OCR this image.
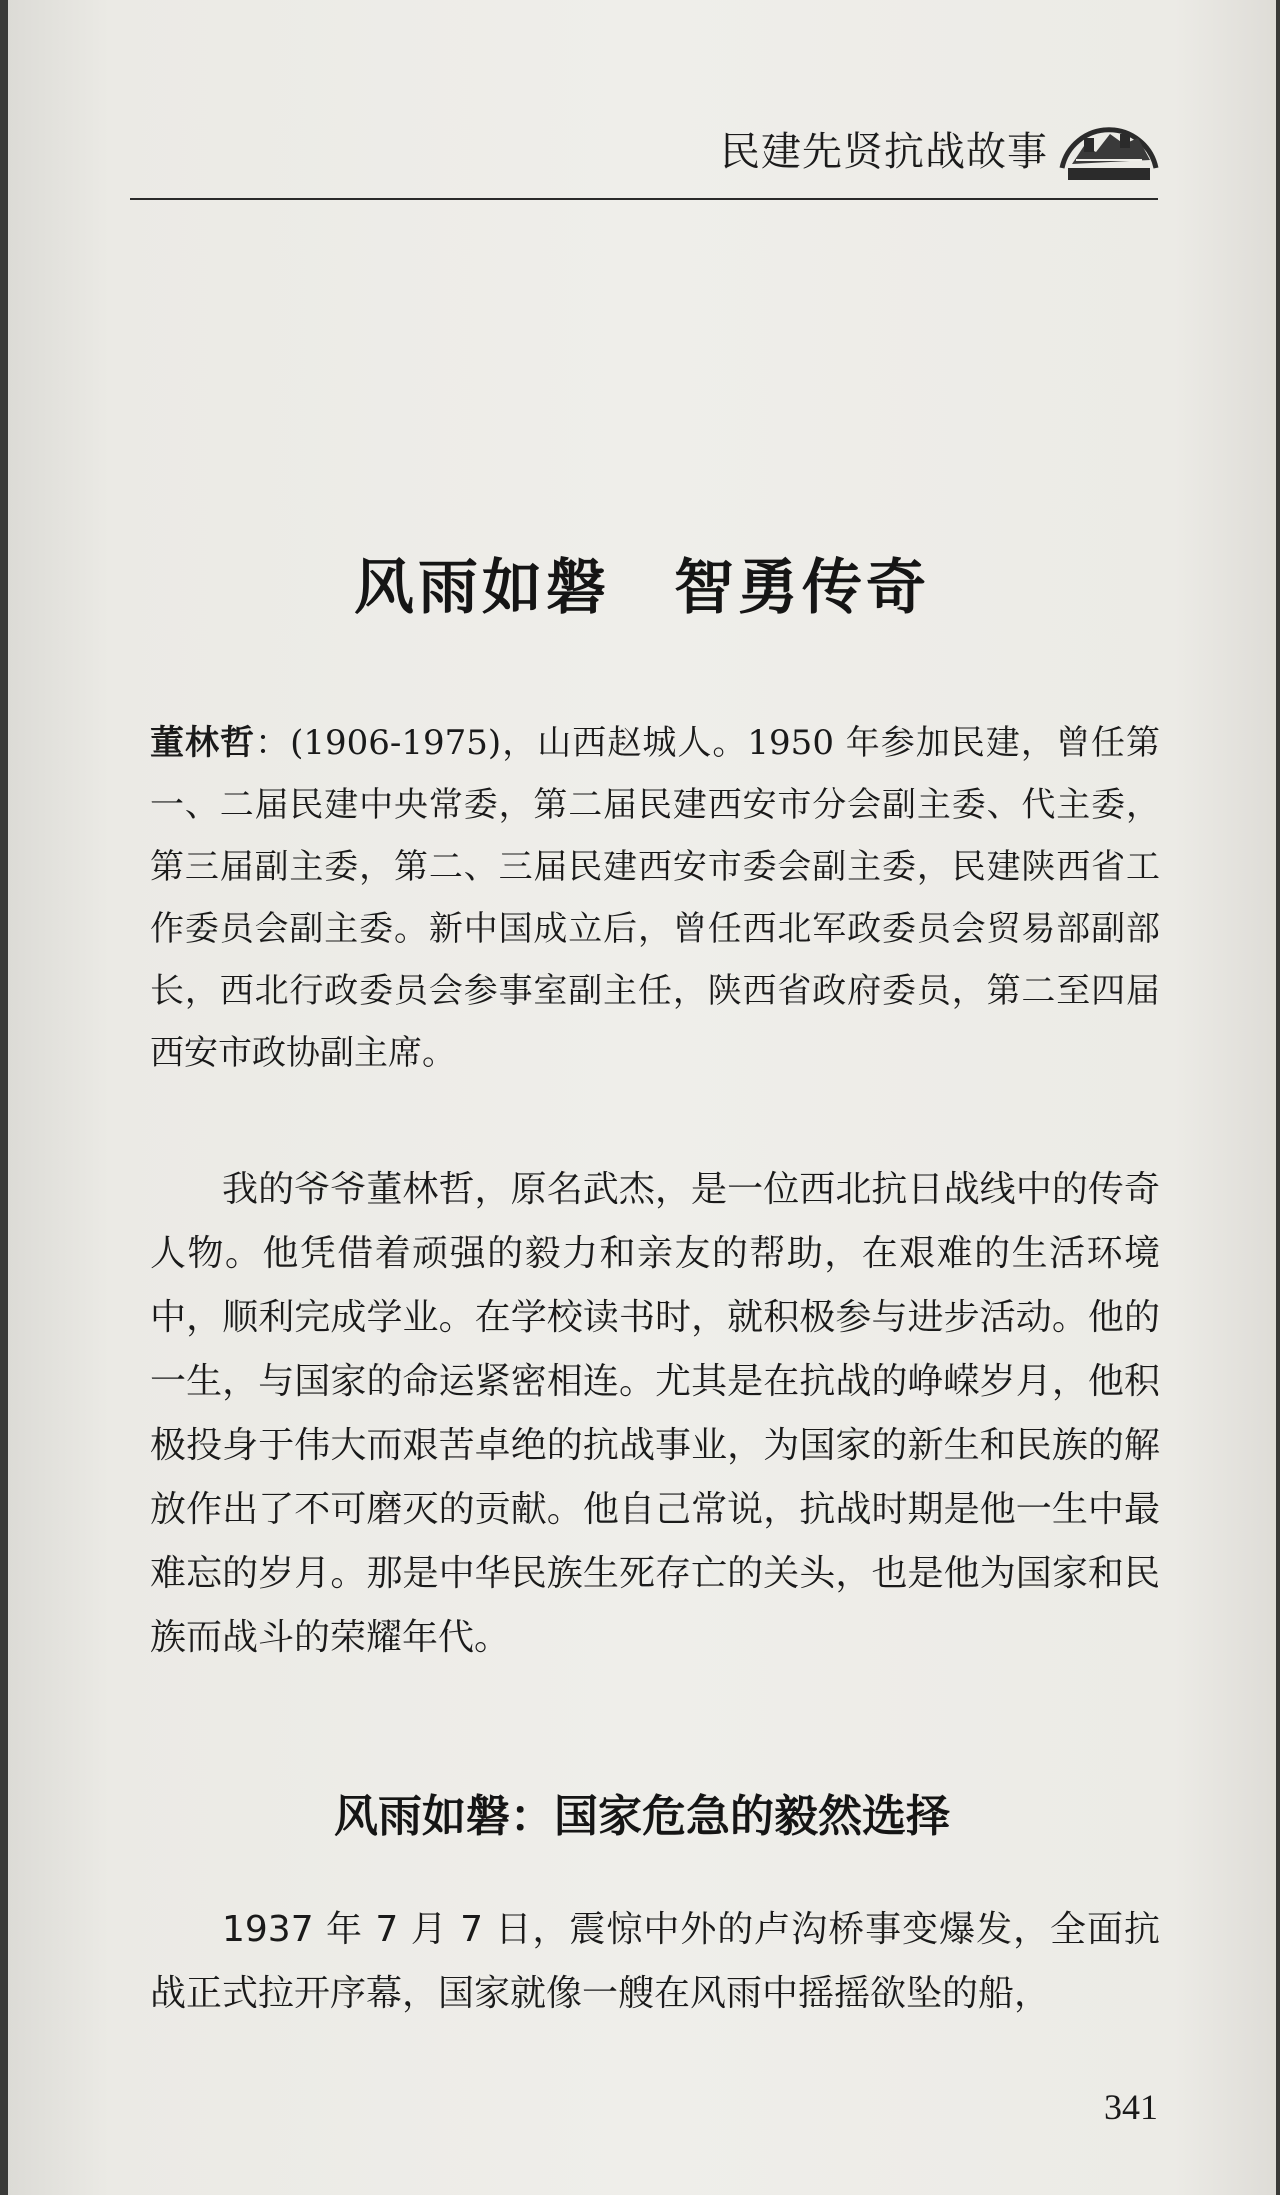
民建先贤抗战故事
风雨如磐　智勇传奇
董林哲：(1906-1975)，山西赵城人。1950 年参加民建，曾任第一、二届民建中央常委，第二届民建西安市分会副主委、代主委，第三届副主委，第二、三届民建西安市委会副主委，民建陕西省工作委员会副主委。新中国成立后，曾任西北军政委员会贸易部副部长，西北行政委员会参事室副主任，陕西省政府委员，第二至四届西安市政协副主席。
我的爷爷董林哲，原名武杰，是一位西北抗日战线中的传奇人物。他凭借着顽强的毅力和亲友的帮助，在艰难的生活环境中，顺利完成学业。在学校读书时，就积极参与进步活动。他的一生，与国家的命运紧密相连。尤其是在抗战的峥嵘岁月，他积极投身于伟大而艰苦卓绝的抗战事业，为国家的新生和民族的解放作出了不可磨灭的贡献。他自己常说，抗战时期是他一生中最难忘的岁月。那是中华民族生死存亡的关头，也是他为国家和民族而战斗的荣耀年代。
风雨如磐：国家危急的毅然选择
1937 年 7 月 7 日，震惊中外的卢沟桥事变爆发，全面抗战正式拉开序幕，国家就像一艘在风雨中摇摇欲坠的船，
341
